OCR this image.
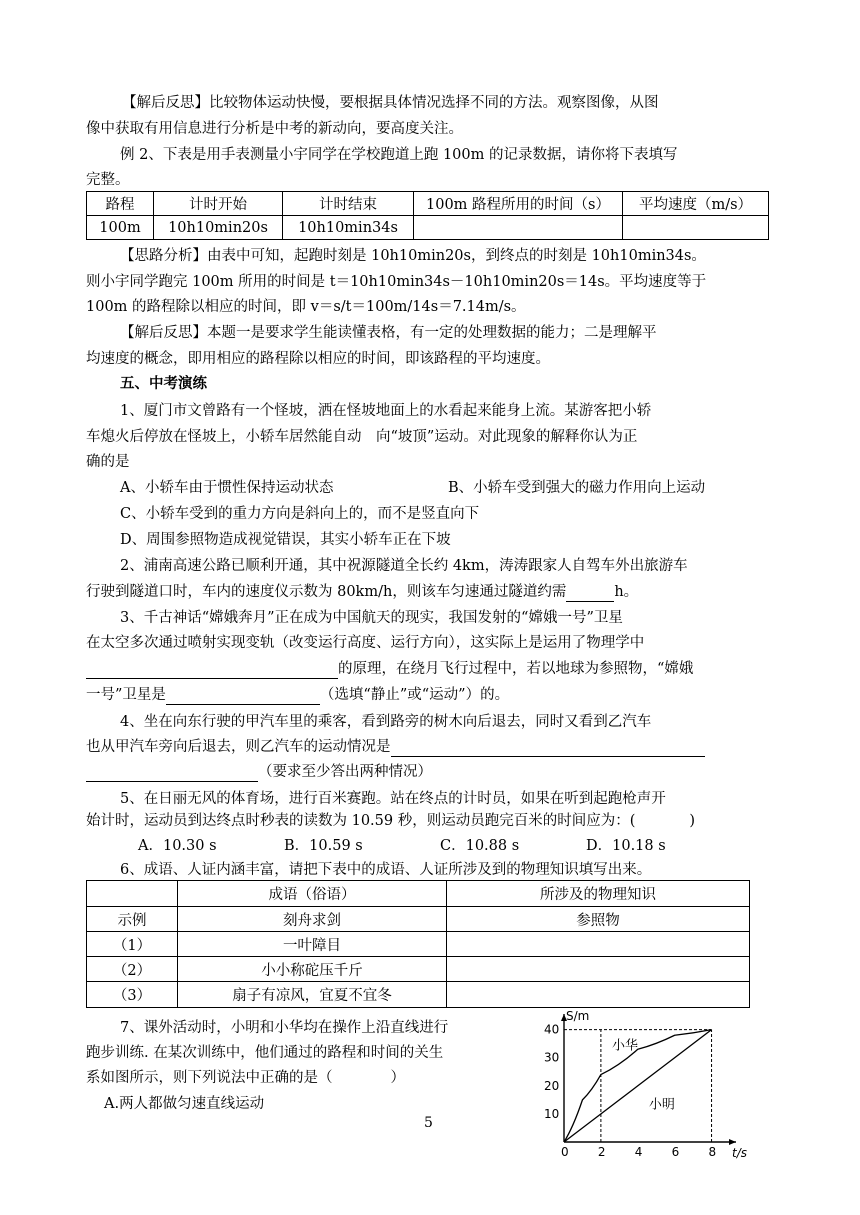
【解后反思】比较物体运动快慢，要根据具体情况选择不同的方法。观察图像，从图
像中获取有用信息进行分析是中考的新动向，要高度关注。
例 2、下表是用手表测量小宇同学在学校跑道上跑 100m 的记录数据，请你将下表填写
完整。
路程	计时开始	计时结束	100m 路程所用的时间（s）	平均速度（m/s）
100m	10h10min20s	10h10min34s		
【思路分析】由表中可知，起跑时刻是 10h10min20s，到终点的时刻是 10h10min34s。
则小宇同学跑完 100m 所用的时间是 t＝10h10min34s－10h10min20s＝14s。平均速度等于
100m 的路程除以相应的时间，即 v＝s/t＝100m/14s＝7.14m/s。
【解后反思】本题一是要求学生能读懂表格，有一定的处理数据的能力；二是理解平
均速度的概念，即用相应的路程除以相应的时间，即该路程的平均速度。
五、中考演练
1、厦门市文曾路有一个怪坡，洒在怪坡地面上的水看起来能身上流。某游客把小轿
车熄火后停放在怪坡上，小轿车居然能自动　向“坡顶”运动。对此现象的解释你认为正
确的是
A、小轿车由于惯性保持运动状态	B、小轿车受到强大的磁力作用向上运动
C、小轿车受到的重力方向是斜向上的，而不是竖直向下
D、周围参照物造成视觉错误，其实小轿车正在下坡
2、浦南高速公路已顺利开通，其中祝源隧道全长约 4km，涛涛跟家人自驾车外出旅游车
行驶到隧道口时，车内的速度仪示数为 80km/h，则该车匀速通过隧道约需	h。
3、千古神话“嫦娥奔月”正在成为中国航天的现实，我国发射的“嫦娥一号”卫星
在太空多次通过喷射实现变轨（改变运行高度、运行方向），这实际上是运用了物理学中
的原理，在绕月飞行过程中，若以地球为参照物，“嫦娥
一号”卫星是	（选填“静止”或“运动”）的。
4、坐在向东行驶的甲汽车里的乘客，看到路旁的树木向后退去，同时又看到乙汽车
也从甲汽车旁向后退去，则乙汽车的运动情况是
（要求至少答出两种情况）
5、在日丽无风的体育场，进行百米赛跑。站在终点的计时员，如果在听到起跑枪声开
始计时，运动员到达终点时秒表的读数为 10.59 秒，则运动员跑完百米的时间应为：(	)
A．10.30 s	B．10.59 s	C．10.88 s	D．10.18 s
6、成语、人证内涵丰富，请把下表中的成语、人证所涉及到的物理知识填写出来。
	成语（俗语）	所涉及的物理知识
示例	刻舟求剑	参照物
（1）	一叶障目	
（2）	小小称砣压千斤	
（3）	扇子有凉风，宜夏不宜冬	
7、课外活动时，小明和小华均在操作上沿直线进行
跑步训练. 在某次训练中，他们通过的路程和时间的关生
系如图所示，则下列说法中正确的是（	）
A.两人都做匀速直线运动
5
S/m
t/s
0 2 4 6 8
10
20
30
40
小华
小明
